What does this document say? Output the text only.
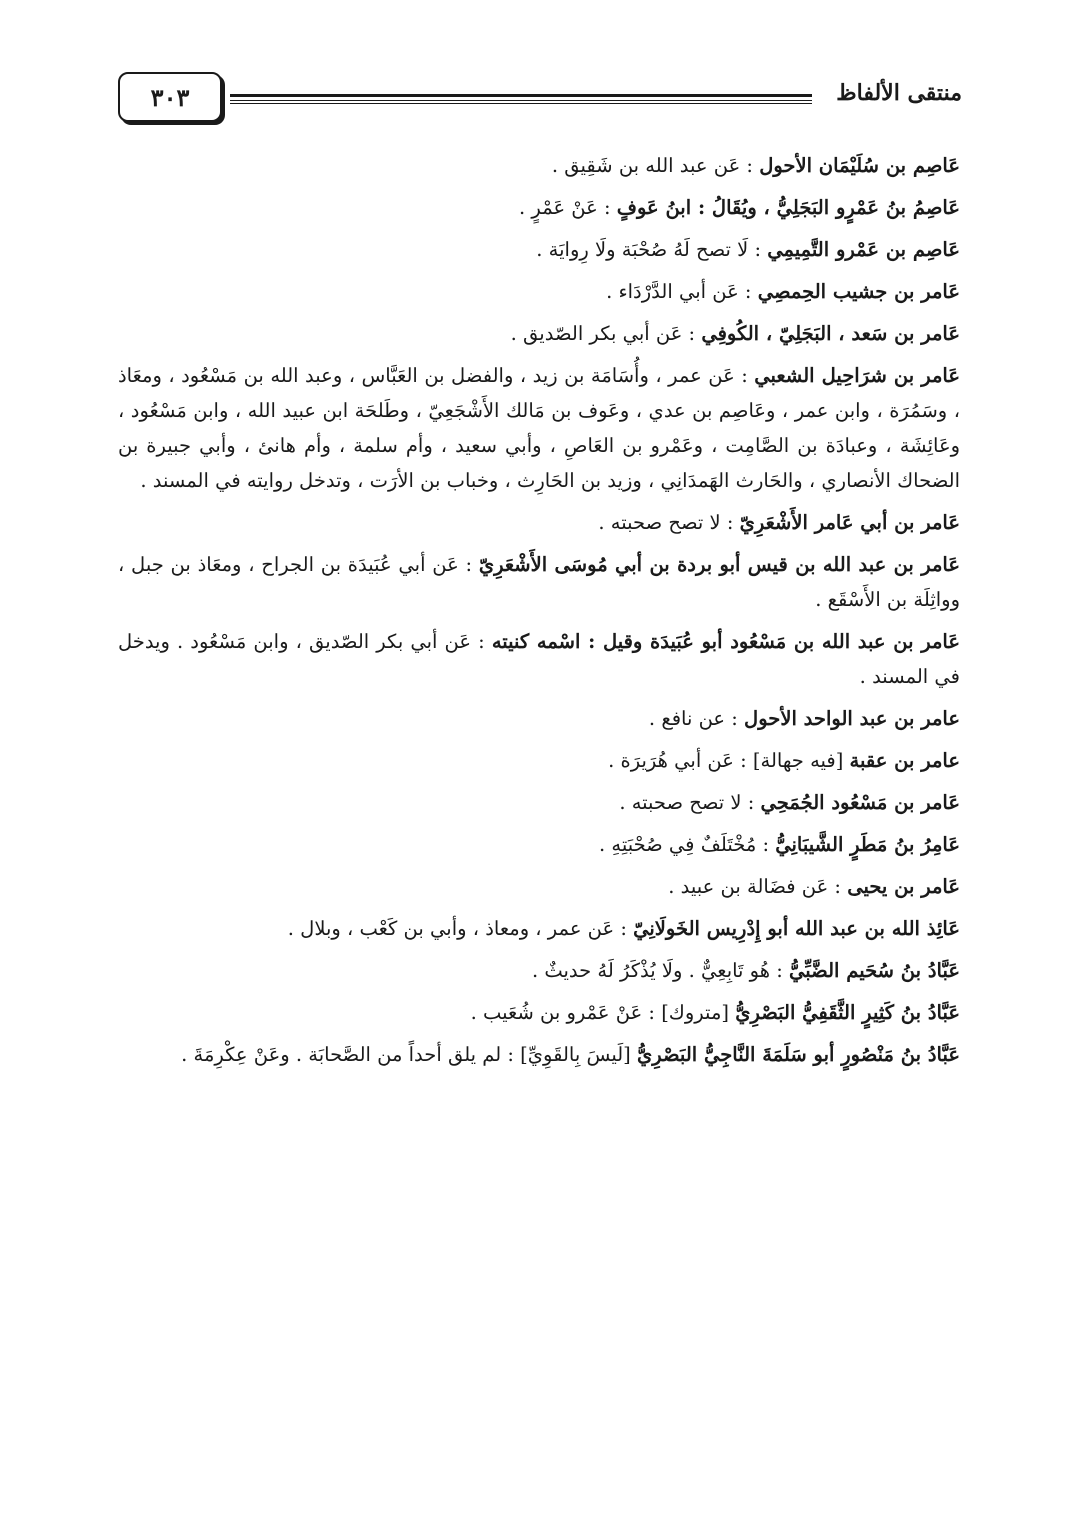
٣٠٣	منتقى الألفاظ

عَاصِم بن سُلَيْمَان الأحول : عَن عبد الله بن شَقِيق .

عَاصِمُ بنُ عَمْرٍو البَجَلِيُّ ، ويُقَالُ : ابنُ عَوفٍ : عَنْ عَمْرٍ .

عَاصِم بن عَمْرو التَّمِيمِي : لَا تصح لَهُ صُحْبَة ولَا رِوايَة .

عَامر بن جشيب الحِمصِي : عَن أبي الدَّرْدَاء .

عَامر بن سَعد ، البَجَلِيّ ، الكُوفِي : عَن أبي بكر الصّديق .

عَامر بن شرَاحِيل الشعبي : عَن عمر ، وأُسَامَة بن زيد ، والفضل بن العَبَّاس ، وعبد الله بن مَسْعُود ، ومعَاذ ، وسَمُرَة ، وابن عمر ، وعَاصِم بن عدي ، وعَوف بن مَالك الأَشْجَعِيّ ، وطَلحَة ابن عبيد الله ، وابن مَسْعُود ، وعَائِشَة ، وعبادَة بن الصَّامِت ، وعَمْرو بن العَاصِ ، وأبي سعيد ، وأم سلمة ، وأم هانئ ، وأبي جبيرة بن الضحاك الأنصاري ، والحَارث الهَمدَانِي ، وزيد بن الحَارِث ، وخباب بن الأرَت ، وتدخل روايته في المسند .

عَامر بن أبي عَامر الأَشْعَرِيّ : لا تصح صحبته .

عَامر بن عبد الله بن قيس أبو بردة بن أبي مُوسَى الأَشْعَرِيّ : عَن أبي عُبَيدَة بن الجراح ، ومعَاذ بن جبل ، وواثِلَة بن الأَسْقَع .

عَامر بن عبد الله بن مَسْعُود أبو عُبَيدَة وقيل : اسْمه كنيته : عَن أبي بكر الصّديق ، وابن مَسْعُود . ويدخل في المسند .

عامر بن عبد الواحد الأحول : عن نافع .

عامر بن عقبة [فيه جهالة] : عَن أبي هُرَيرَة .

عَامر بن مَسْعُود الجُمَحِي : لا تصح صحبته .

عَامِرُ بنُ مَطَرٍ الشَّيبَانِيُّ : مُخْتَلَفٌ فِي صُحْبَتِهِ .

عَامر بن يحيى : عَن فضَالة بن عبيد .

عَائِذ الله بن عبد الله أبو إِدْرِيس الخَولَانِيّ : عَن عمر ، ومعاذ ، وأبي بن كَعْب ، وبلال .

عَبَّادُ بنُ سُحَيم الضَّبِّيُّ : هُو تَابِعِيٌّ . ولَا يُذْكَرُ لَهُ حديثٌ .

عَبَّادُ بنُ كَثِيرٍ الثَّقَفِيُّ البَصْرِيُّ [متروك] : عَنْ عَمْرو بن شُعَيب .

عَبَّادُ بنُ مَنْصُورٍ أبو سَلَمَةَ النَّاجِيُّ البَصْرِيُّ [لَيسَ بِالقَوِيِّ] : لم يلق أحداً من الصَّحابَة . وعَنْ عِكْرِمَةَ .
